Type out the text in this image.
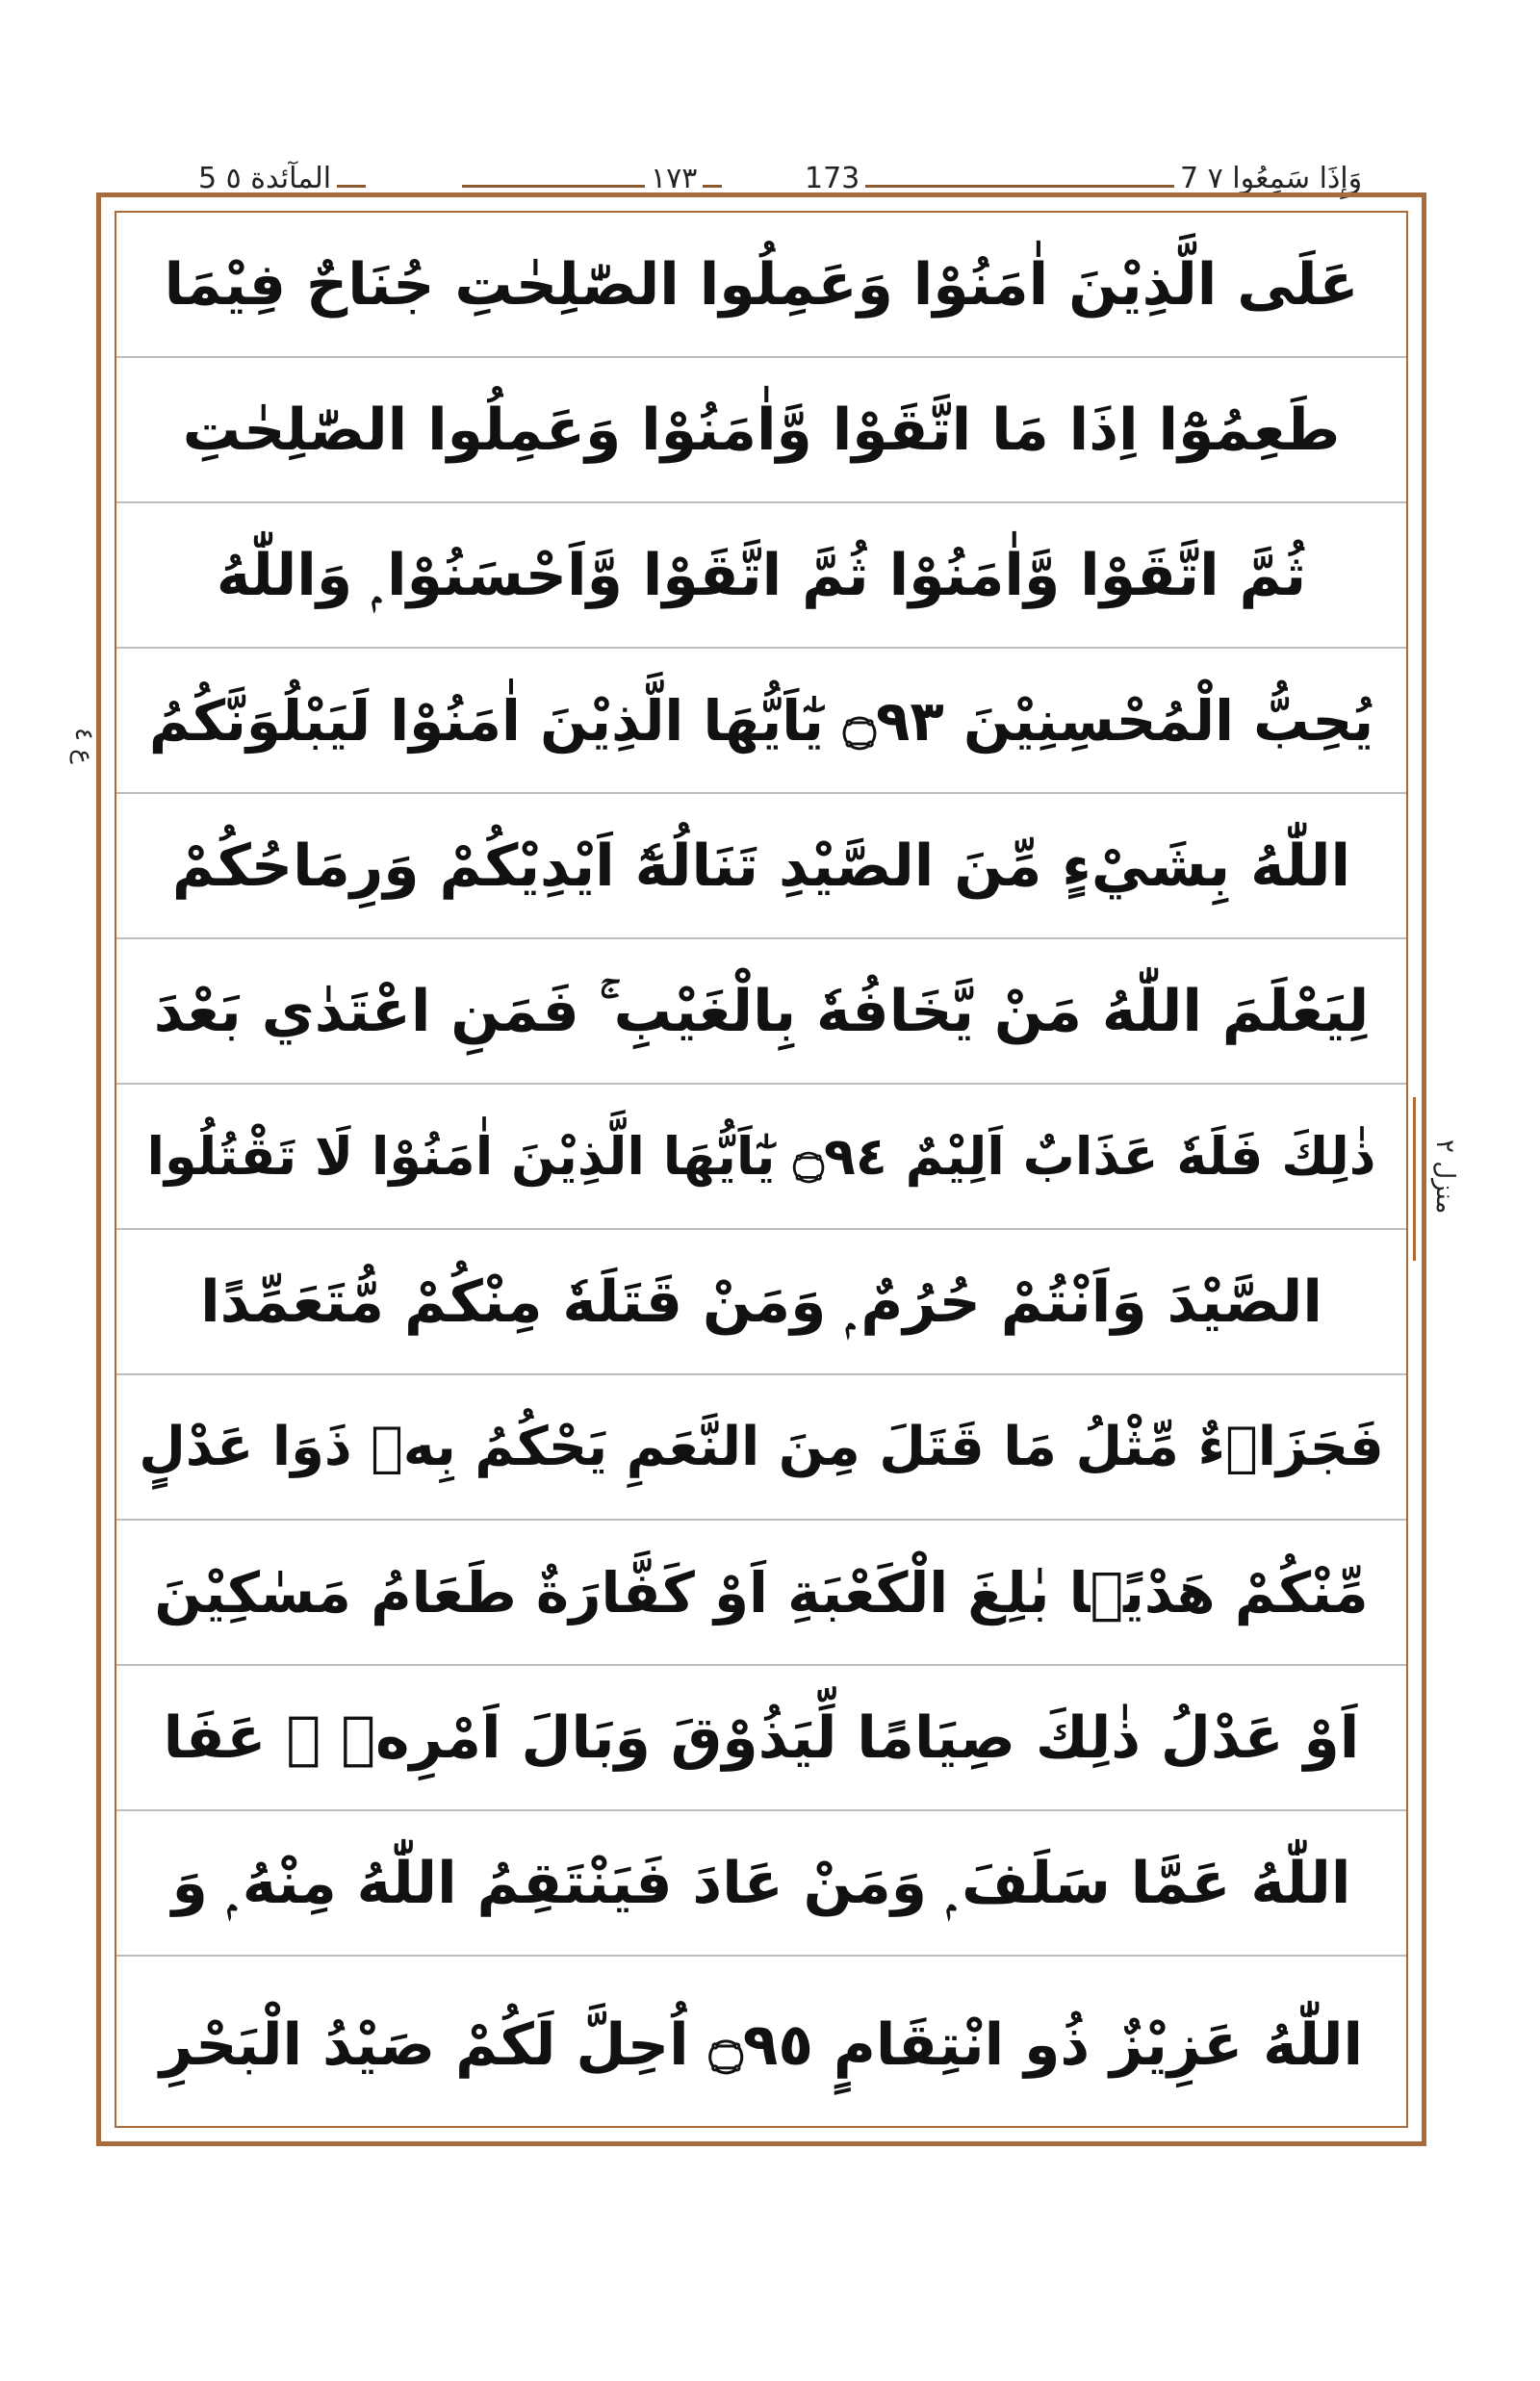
5 المآئدة ٥	١٧٣	173	7 وَإِذَا سَمِعُوا ٧
ع ٤
منزل ٢
عَلَى الَّذِيْنَ اٰمَنُوْا وَعَمِلُوا الصّٰلِحٰتِ جُنَاحٌ فِيْمَا
طَعِمُوْٓا اِذَا مَا اتَّقَوْا وَّاٰمَنُوْا وَعَمِلُوا الصّٰلِحٰتِ
ثُمَّ اتَّقَوْا وَّاٰمَنُوْا ثُمَّ اتَّقَوْا وَّاَحْسَنُوْا ۭ وَاللّٰهُ
يُحِبُّ الْمُحْسِنِيْنَ ۝٩٣ يٰٓاَيُّهَا الَّذِيْنَ اٰمَنُوْا لَيَبْلُوَنَّكُمُ
اللّٰهُ بِشَيْءٍ مِّنَ الصَّيْدِ تَنَالُهٗٓ اَيْدِيْكُمْ وَرِمَاحُكُمْ
لِيَعْلَمَ اللّٰهُ مَنْ يَّخَافُهٗ بِالْغَيْبِ ۚ فَمَنِ اعْتَدٰي بَعْدَ
ذٰلِكَ فَلَهٗ عَذَابٌ اَلِيْمٌ ۝٩٤ يٰٓاَيُّهَا الَّذِيْنَ اٰمَنُوْا لَا تَقْتُلُوا
الصَّيْدَ وَاَنْتُمْ حُرُمٌ ۭ وَمَنْ قَتَلَهٗ مِنْكُمْ مُّتَعَمِّدًا
فَجَزَاۗءٌ مِّثْلُ مَا قَتَلَ مِنَ النَّعَمِ يَحْكُمُ بِهٖ ذَوَا عَدْلٍ
مِّنْكُمْ هَدْيًۢا بٰلِغَ الْكَعْبَةِ اَوْ كَفَّارَةٌ طَعَامُ مَسٰكِيْنَ
اَوْ عَدْلُ ذٰلِكَ صِيَامًا لِّيَذُوْقَ وَبَالَ اَمْرِهٖ ۭ عَفَا
اللّٰهُ عَمَّا سَلَفَ ۭ وَمَنْ عَادَ فَيَنْتَقِمُ اللّٰهُ مِنْهُ ۭ وَ
اللّٰهُ عَزِيْزٌ ذُو انْتِقَامٍ ۝٩٥ اُحِلَّ لَكُمْ صَيْدُ الْبَحْرِ
